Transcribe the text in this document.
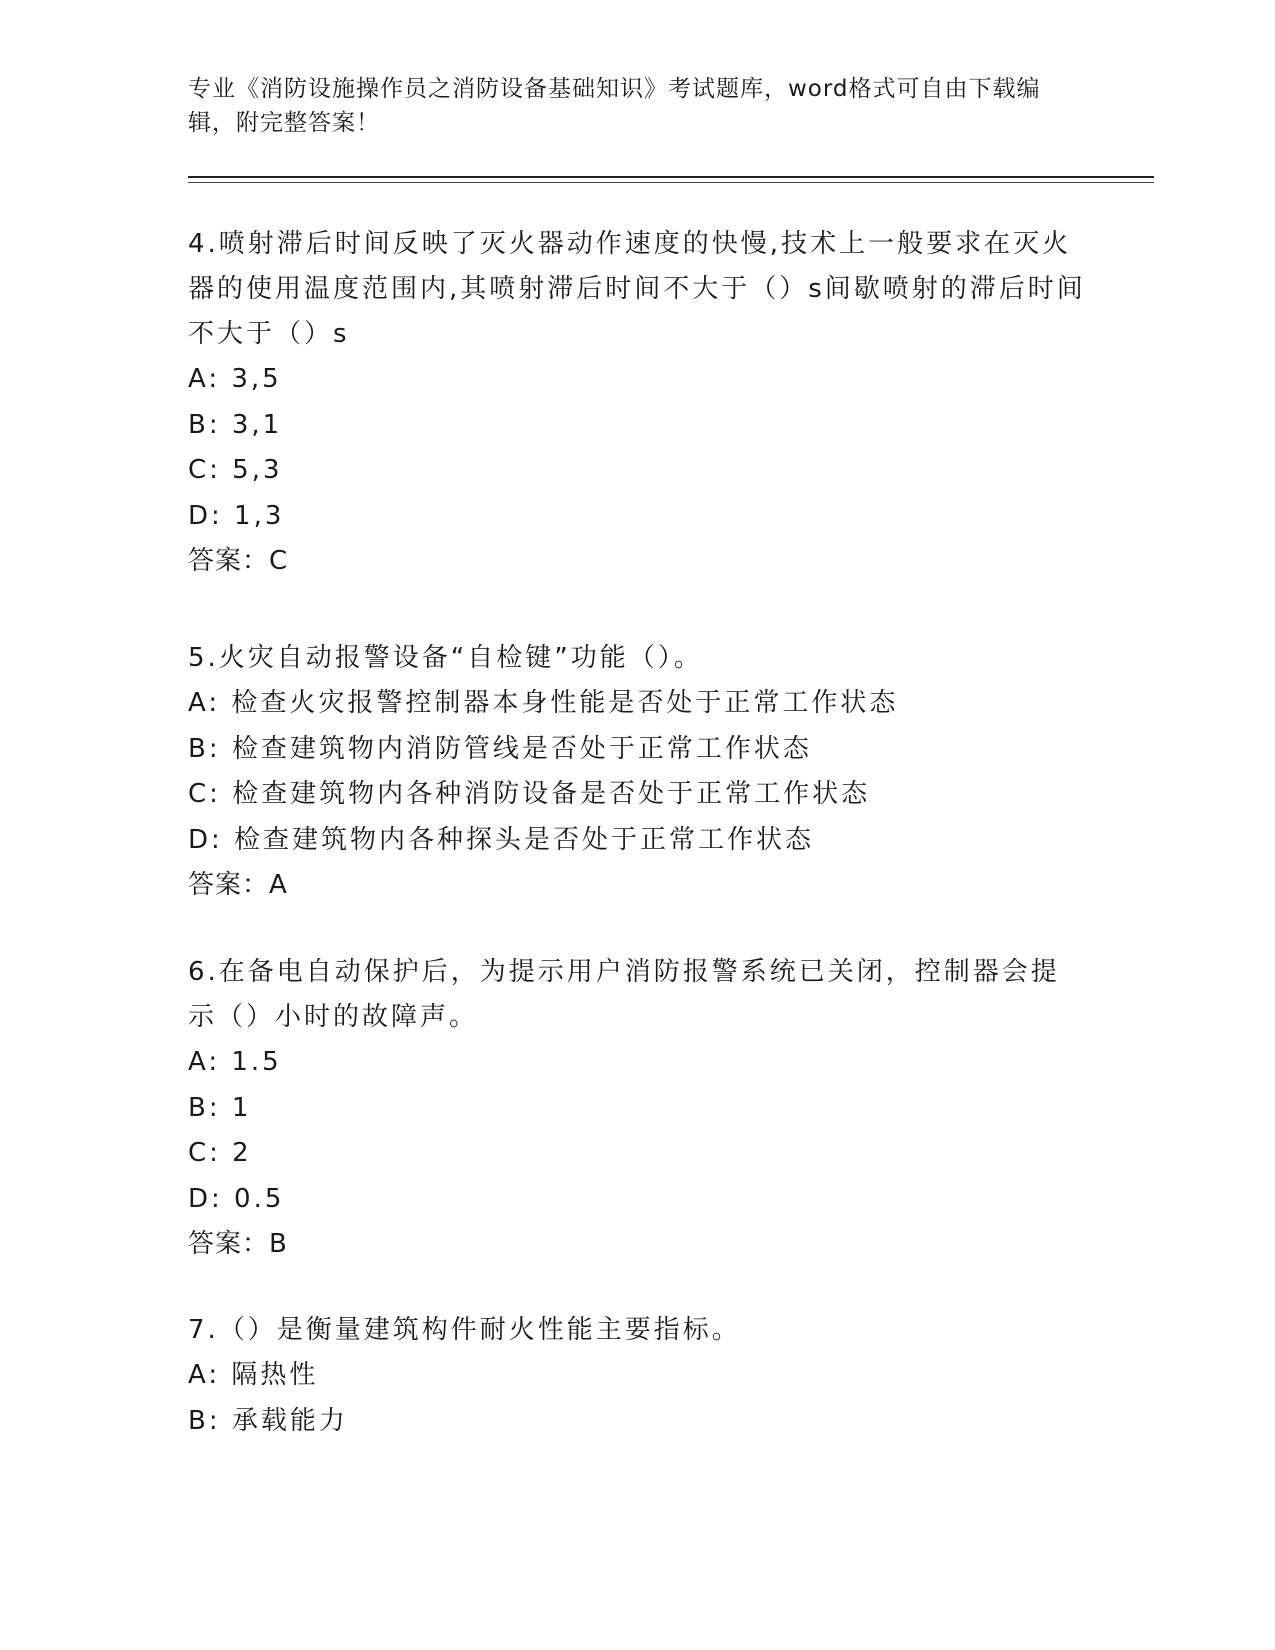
专业《消防设施操作员之消防设备基础知识》考试题库，word格式可自由下载编辑，附完整答案！
4.喷射滞后时间反映了灭火器动作速度的快慢,技术上一般要求在灭火器的使用温度范围内,其喷射滞后时间不大于（）s间歇喷射的滞后时间不大于（）s
A: 3,5
B: 3,1
C: 5,3
D: 1,3
答案：C
5.火灾自动报警设备“自检键”功能（）。
A: 检查火灾报警控制器本身性能是否处于正常工作状态
B: 检查建筑物内消防管线是否处于正常工作状态
C: 检查建筑物内各种消防设备是否处于正常工作状态
D: 检查建筑物内各种探头是否处于正常工作状态
答案：A
6.在备电自动保护后，为提示用户消防报警系统已关闭，控制器会提示（）小时的故障声。
A: 1.5
B: 1
C: 2
D: 0.5
答案：B
7.（）是衡量建筑构件耐火性能主要指标。
A: 隔热性
B: 承载能力
